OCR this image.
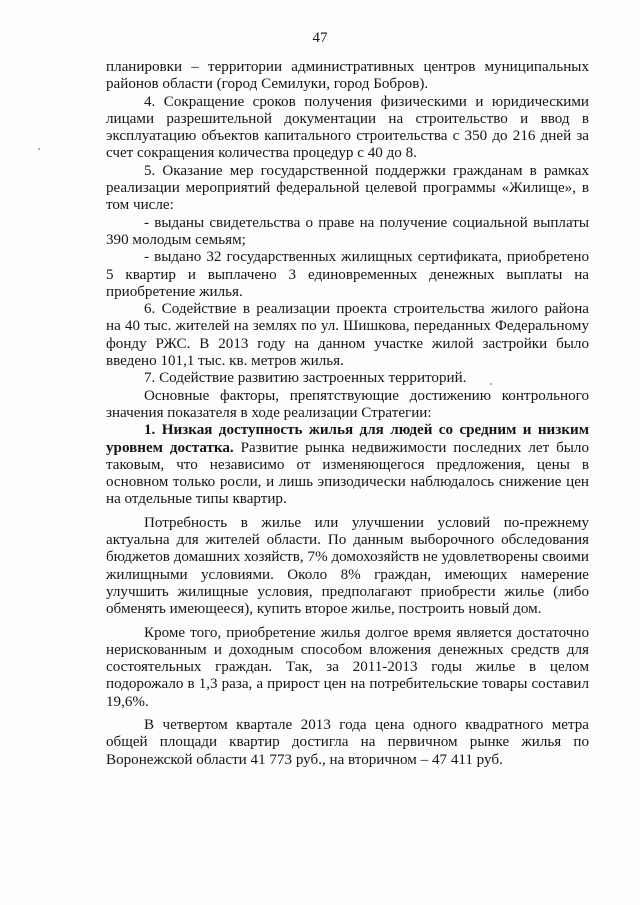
47

планировки – территории административных центров муниципальных районов области (город Семилуки, город Бобров).

4. Сокращение сроков получения физическими и юридическими лицами разрешительной документации на строительство и ввод в эксплуатацию объектов капитального строительства с 350 до 216 дней за счет сокращения количества процедур с 40 до 8.

5. Оказание мер государственной поддержки гражданам в рамках реализации мероприятий федеральной целевой программы «Жилище», в том числе:

- выданы свидетельства о праве на получение социальной выплаты 390 молодым семьям;

- выдано 32 государственных жилищных сертификата, приобретено 5 квартир и выплачено 3 единовременных денежных выплаты на приобретение жилья.

6. Содействие в реализации проекта строительства жилого района на 40 тыс. жителей на землях по ул. Шишкова, переданных Федеральному фонду РЖС. В 2013 году на данном участке жилой застройки было введено 101,1 тыс. кв. метров жилья.

7. Содействие развитию застроенных территорий.

Основные факторы, препятствующие достижению контрольного значения показателя в ходе реализации Стратегии:

1. Низкая доступность жилья для людей со средним и низким уровнем достатка. Развитие рынка недвижимости последних лет было таковым, что независимо от изменяющегося предложения, цены в основном только росли, и лишь эпизодически наблюдалось снижение цен на отдельные типы квартир.

Потребность в жилье или улучшении условий по-прежнему актуальна для жителей области. По данным выборочного обследования бюджетов домашних хозяйств, 7% домохозяйств не удовлетворены своими жилищными условиями. Около 8% граждан, имеющих намерение улучшить жилищные условия, предполагают приобрести жилье (либо обменять имеющееся), купить второе жилье, построить новый дом.

Кроме того, приобретение жилья долгое время является достаточно нерискованным и доходным способом вложения денежных средств для состоятельных граждан. Так, за 2011-2013 годы жилье в целом подорожало в 1,3 раза, а прирост цен на потребительские товары составил 19,6%.

В четвертом квартале 2013 года цена одного квадратного метра общей площади квартир достигла на первичном рынке жилья по Воронежской области 41 773 руб., на вторичном – 47 411 руб.
